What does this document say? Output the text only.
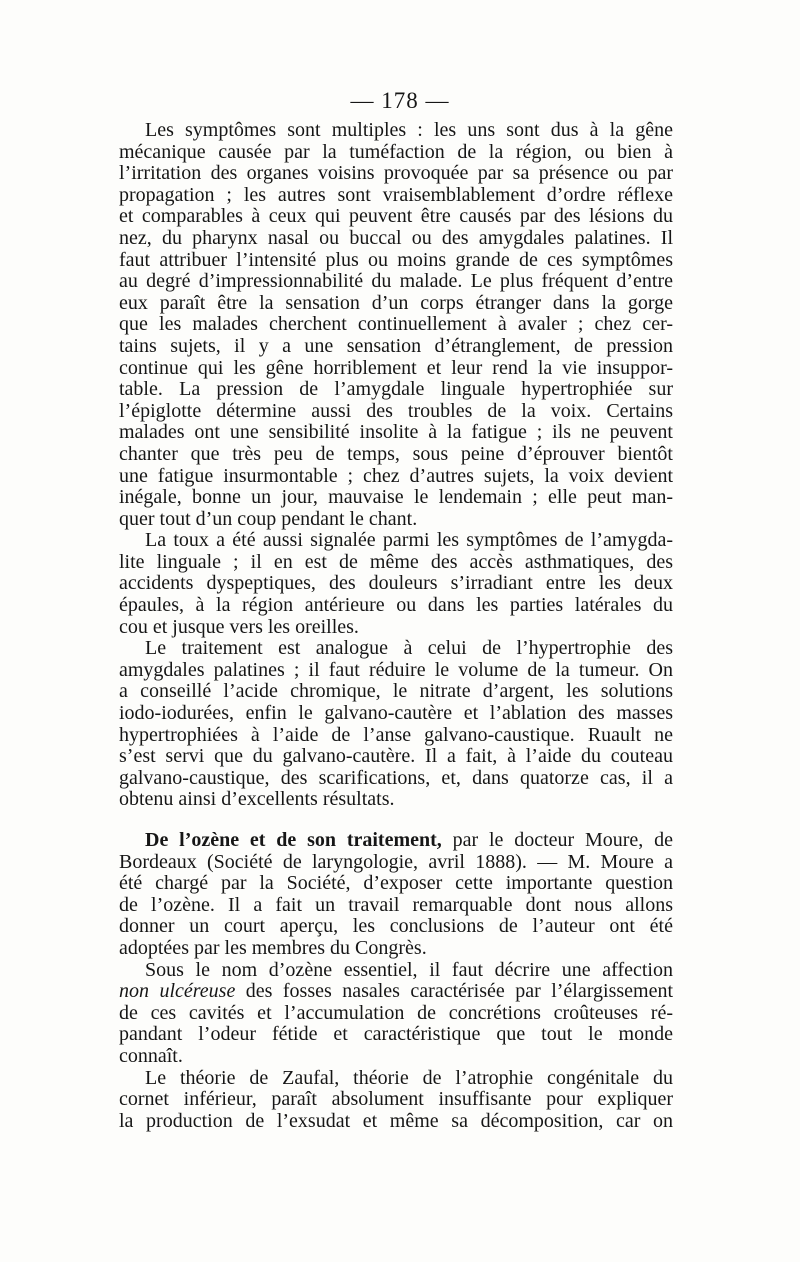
— 178 —
Les symptômes sont multiples : les uns sont dus à la gêne
mécanique causée par la tuméfaction de la région, ou bien à
l’irritation des organes voisins provoquée par sa présence ou par
propagation ; les autres sont vraisemblablement d’ordre réflexe
et comparables à ceux qui peuvent être causés par des lésions du
nez, du pharynx nasal ou buccal ou des amygdales palatines. Il
faut attribuer l’intensité plus ou moins grande de ces symptômes
au degré d’impressionnabilité du malade. Le plus fréquent d’entre
eux paraît être la sensation d’un corps étranger dans la gorge
que les malades cherchent continuellement à avaler ; chez cer-
tains sujets, il y a une sensation d’étranglement, de pression
continue qui les gêne horriblement et leur rend la vie insuppor-
table. La pression de l’amygdale linguale hypertrophiée sur
l’épiglotte détermine aussi des troubles de la voix. Certains
malades ont une sensibilité insolite à la fatigue ; ils ne peuvent
chanter que très peu de temps, sous peine d’éprouver bientôt
une fatigue insurmontable ; chez d’autres sujets, la voix devient
inégale, bonne un jour, mauvaise le lendemain ; elle peut man-
quer tout d’un coup pendant le chant.
La toux a été aussi signalée parmi les symptômes de l’amygda-
lite linguale ; il en est de même des accès asthmatiques, des
accidents dyspeptiques, des douleurs s’irradiant entre les deux
épaules, à la région antérieure ou dans les parties latérales du
cou et jusque vers les oreilles.
Le traitement est analogue à celui de l’hypertrophie des
amygdales palatines ; il faut réduire le volume de la tumeur. On
a conseillé l’acide chromique, le nitrate d’argent, les solutions
iodo-iodurées, enfin le galvano-cautère et l’ablation des masses
hypertrophiées à l’aide de l’anse galvano-caustique. Ruault ne
s’est servi que du galvano-cautère. Il a fait, à l’aide du couteau
galvano-caustique, des scarifications, et, dans quatorze cas, il a
obtenu ainsi d’excellents résultats.
De l’ozène et de son traitement, par le docteur Moure, de
Bordeaux (Société de laryngologie, avril 1888). — M. Moure a
été chargé par la Société, d’exposer cette importante question
de l’ozène. Il a fait un travail remarquable dont nous allons
donner un court aperçu, les conclusions de l’auteur ont été
adoptées par les membres du Congrès.
Sous le nom d’ozène essentiel, il faut décrire une affection
non ulcéreuse des fosses nasales caractérisée par l’élargissement
de ces cavités et l’accumulation de concrétions croûteuses ré-
pandant l’odeur fétide et caractéristique que tout le monde
connaît.
Le théorie de Zaufal, théorie de l’atrophie congénitale du
cornet inférieur, paraît absolument insuffisante pour expliquer
la production de l’exsudat et même sa décomposition, car on
